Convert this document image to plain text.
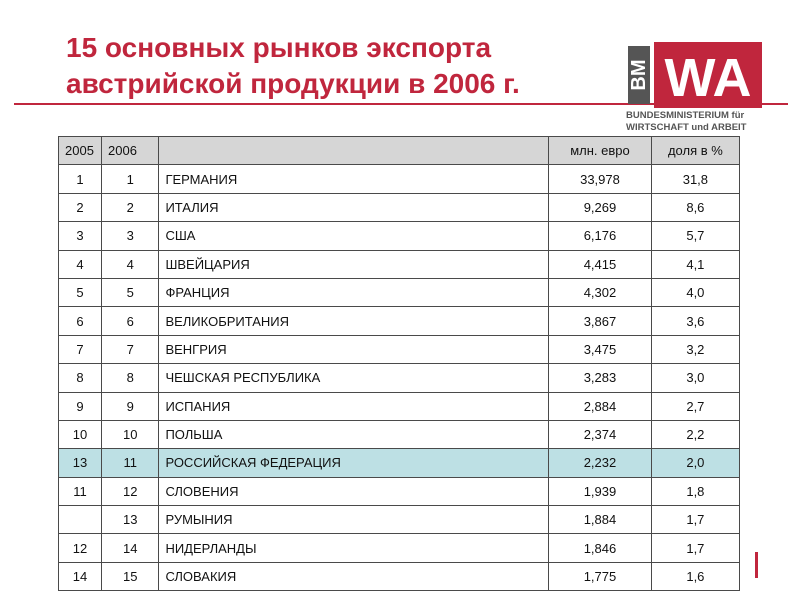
15 основных рынков экспорта
австрийской продукции в 2006 г.	BM WA
BUNDESMINISTERIUM für
WIRTSCHAFT und ARBEIT
2005	2006		млн. евро	доля в %
1	1	ГЕРМАНИЯ	33,978	31,8
2	2	ИТАЛИЯ	9,269	8,6
3	3	США	6,176	5,7
4	4	ШВЕЙЦАРИЯ	4,415	4,1
5	5	ФРАНЦИЯ	4,302	4,0
6	6	ВЕЛИКОБРИТАНИЯ	3,867	3,6
7	7	ВЕНГРИЯ	3,475	3,2
8	8	ЧЕШСКАЯ РЕСПУБЛИКА	3,283	3,0
9	9	ИСПАНИЯ	2,884	2,7
10	10	ПОЛЬША	2,374	2,2
13	11	РОССИЙСКАЯ ФЕДЕРАЦИЯ	2,232	2,0
11	12	СЛОВЕНИЯ	1,939	1,8
	13	РУМЫНИЯ	1,884	1,7
12	14	НИДЕРЛАНДЫ	1,846	1,7
14	15	СЛОВАКИЯ	1,775	1,6
